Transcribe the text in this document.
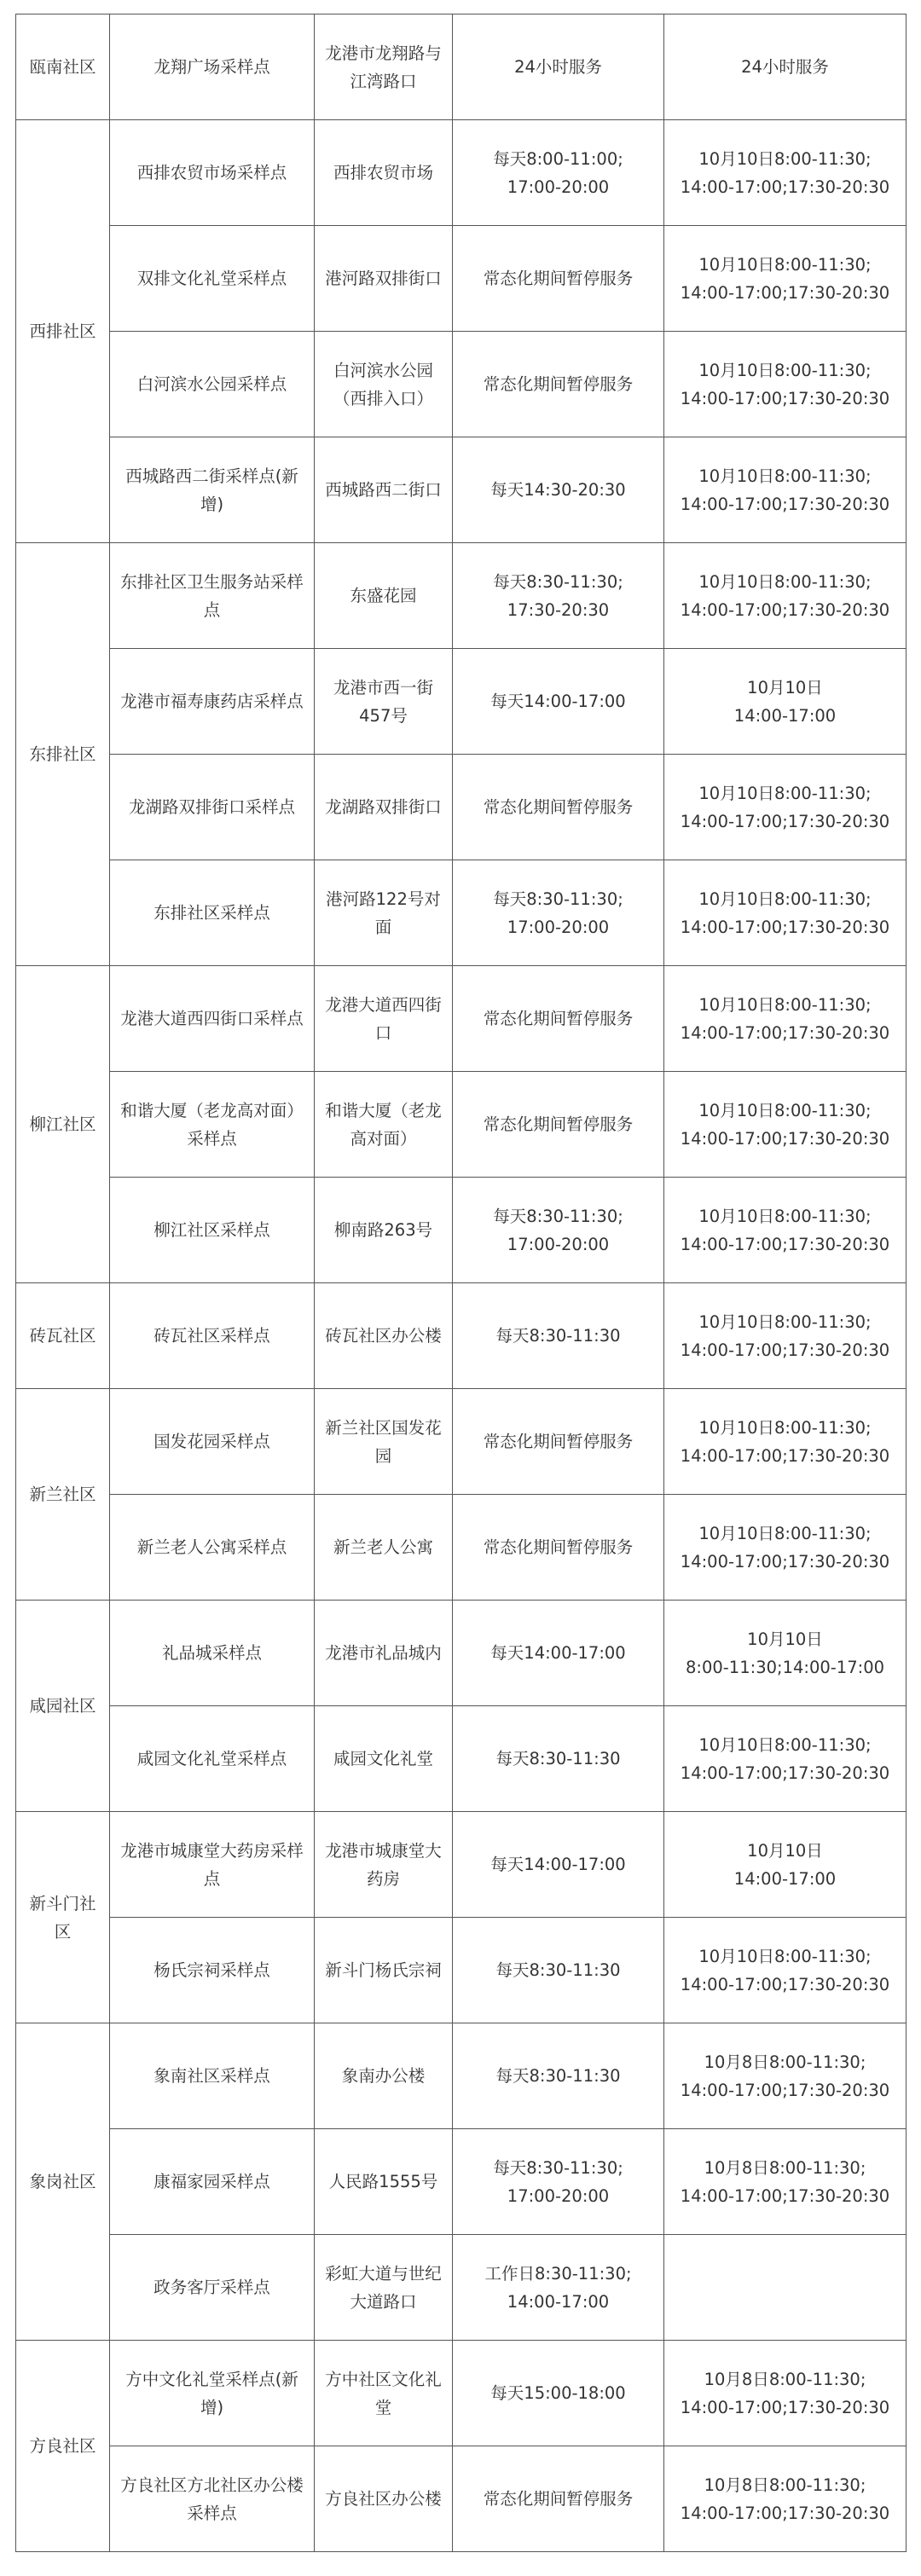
瓯南社区	龙翔广场采样点	龙港市龙翔路与江湾路口	24小时服务	24小时服务
西排社区	西排农贸市场采样点	西排农贸市场	每天8:00-11:00;
17:00-20:00	10月10日8:00-11:30;
14:00-17:00;17:30-20:30

	双排文化礼堂采样点	港河路双排街口	常态化期间暂停服务	10月10日8:00-11:30;
14:00-17:00;17:30-20:30

	白河滨水公园采样点	白河滨水公园（西排入口）	常态化期间暂停服务	10月10日8:00-11:30;
14:00-17:00;17:30-20:30

	西城路西二街采样点(新增)	西城路西二街口	每天14:30-20:30	10月10日8:00-11:30;
14:00-17:00;17:30-20:30

东排社区	东排社区卫生服务站采样点	东盛花园	每天8:30-11:30;
17:30-20:30	10月10日8:00-11:30;
14:00-17:00;17:30-20:30

	龙港市福寿康药店采样点	龙港市西一街457号	每天14:00-17:00	10月10日
14:00-17:00

	龙湖路双排街口采样点	龙湖路双排街口	常态化期间暂停服务	10月10日8:00-11:30;
14:00-17:00;17:30-20:30

	东排社区采样点	港河路122号对面	每天8:30-11:30;
17:00-20:00	10月10日8:00-11:30;
14:00-17:00;17:30-20:30

柳江社区	龙港大道西四街口采样点	龙港大道西四街口	常态化期间暂停服务	10月10日8:00-11:30;
14:00-17:00;17:30-20:30

	和谐大厦（老龙高对面）采样点	和谐大厦（老龙高对面）	常态化期间暂停服务	10月10日8:00-11:30;
14:00-17:00;17:30-20:30

	柳江社区采样点	柳南路263号	每天8:30-11:30;
17:00-20:00	10月10日8:00-11:30;
14:00-17:00;17:30-20:30

砖瓦社区	砖瓦社区采样点	砖瓦社区办公楼	每天8:30-11:30	10月10日8:00-11:30;
14:00-17:00;17:30-20:30

新兰社区	国发花园采样点	新兰社区国发花园	常态化期间暂停服务	10月10日8:00-11:30;
14:00-17:00;17:30-20:30

	新兰老人公寓采样点	新兰老人公寓	常态化期间暂停服务	10月10日8:00-11:30;
14:00-17:00;17:30-20:30

咸园社区	礼品城采样点	龙港市礼品城内	每天14:00-17:00	10月10日
8:00-11:30;14:00-17:00

	咸园文化礼堂采样点	咸园文化礼堂	每天8:30-11:30	10月10日8:00-11:30;
14:00-17:00;17:30-20:30

新斗门社区	龙港市城康堂大药房采样点	龙港市城康堂大药房	每天14:00-17:00	10月10日
14:00-17:00

	杨氏宗祠采样点	新斗门杨氏宗祠	每天8:30-11:30	10月10日8:00-11:30;
14:00-17:00;17:30-20:30

象岗社区	象南社区采样点	象南办公楼	每天8:30-11:30	10月8日8:00-11:30;
14:00-17:00;17:30-20:30

	康福家园采样点	人民路1555号	每天8:30-11:30;
17:00-20:00	10月8日8:00-11:30;
14:00-17:00;17:30-20:30

	政务客厅采样点	彩虹大道与世纪大道路口	工作日8:30-11:30;
14:00-17:00	

方良社区	方中文化礼堂采样点(新增)	方中社区文化礼堂	每天15:00-18:00	10月8日8:00-11:30;
14:00-17:00;17:30-20:30

	方良社区方北社区办公楼采样点	方良社区办公楼	常态化期间暂停服务	10月8日8:00-11:30;
14:00-17:00;17:30-20:30
